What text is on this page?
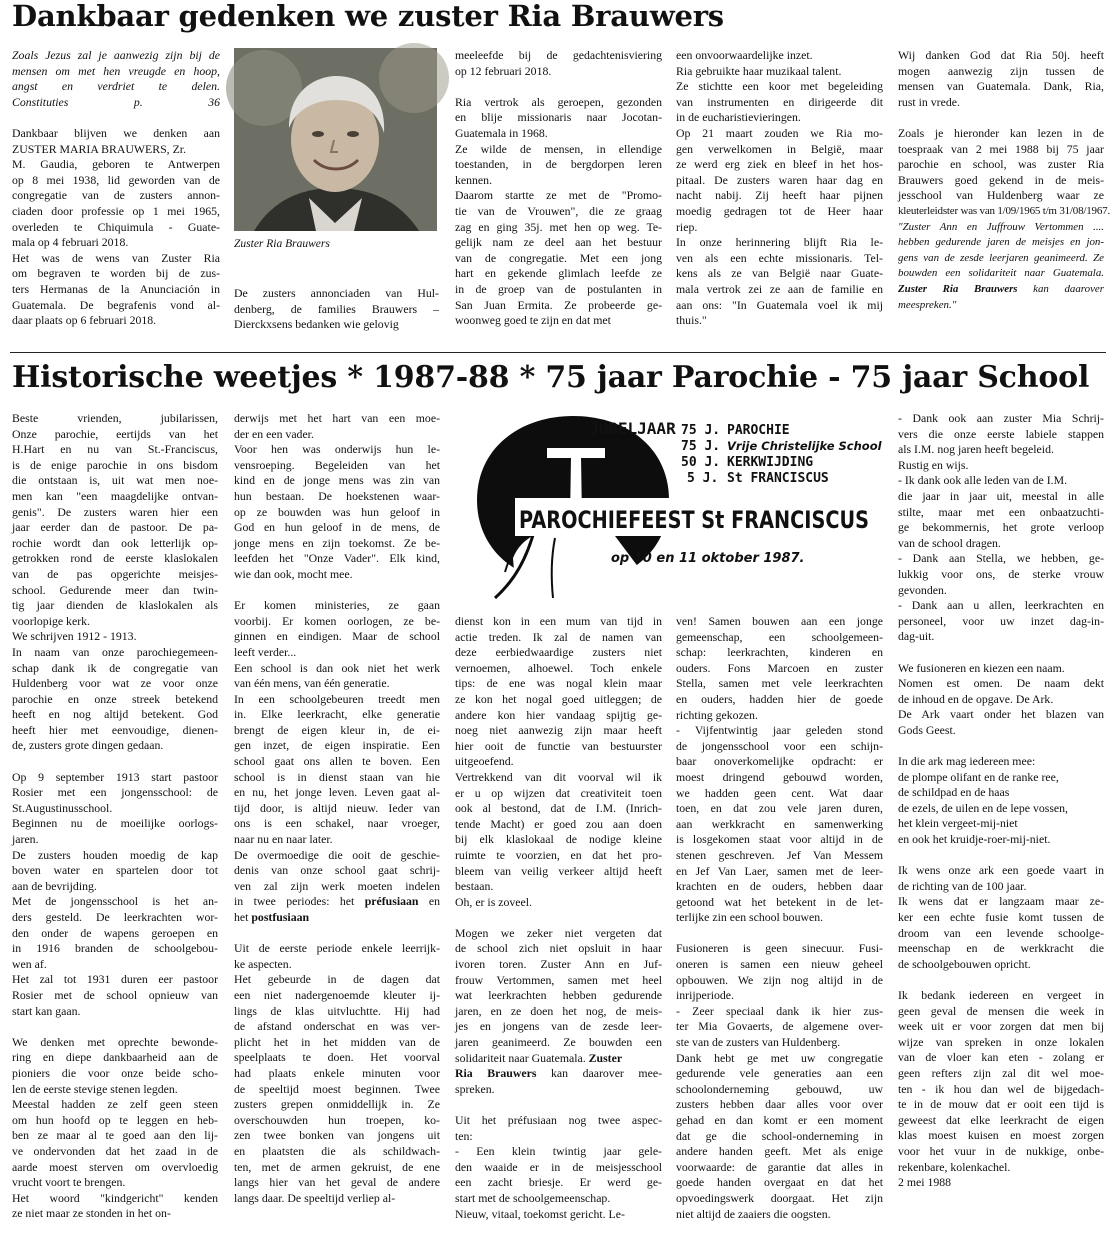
Dankbaar gedenken we zuster Ria Brauwers

Zoals Jezus zal je aanwezig zijn bij de

mensen om met hen vreugde en hoop,

angst en verdriet te delen.

Constituties p. 36

Dankbaar blijven we denken aan

ZUSTER MARIA BRAUWERS, Zr.

M. Gaudia, geboren te Antwerpen

op 8 mei 1938, lid geworden van de

congregatie van de zusters annon-

ciaden door professie op 1 mei 1965,

overleden te Chiquimula - Guate-

mala op 4 februari 2018.

Het was de wens van Zuster Ria

om begraven te worden bij de zus-

ters Hermanas de la Anunciación in

Guatemala. De begrafenis vond al-

daar plaats op 6 februari 2018.

Zuster Ria Brauwers

De zusters annonciaden van Hul-

denberg, de families Brauwers –

Dierckxsens bedanken wie gelovig

meeleefde bij de gedachtenisviering

op 12 februari 2018.

Ria vertrok als geroepen, gezonden

en blije missionaris naar Jocotan-

Guatemala in 1968.

Ze wilde de mensen, in ellendige

toestanden, in de bergdorpen leren

kennen.

Daarom startte ze met de "Promo-

tie van de Vrouwen", die ze graag

zag en ging 35j. met hen op weg. Te-

gelijk nam ze deel aan het bestuur

van de congregatie. Met een jong

hart en gekende glimlach leefde ze

in de groep van de postulanten in

San Juan Ermita. Ze probeerde ge-

woonweg goed te zijn en dat met

een onvoorwaardelijke inzet.

Ria gebruikte haar muzikaal talent.

Ze stichtte een koor met begeleiding

van instrumenten en dirigeerde dit

in de eucharistievieringen.

Op 21 maart zouden we Ria mo-

gen verwelkomen in België, maar

ze werd erg ziek en bleef in het hos-

pitaal. De zusters waren haar dag en

nacht nabij. Zij heeft haar pijnen

moedig gedragen tot de Heer haar

riep.

In onze herinnering blijft Ria le-

ven als een echte missionaris. Tel-

kens als ze van België naar Guate-

mala vertrok zei ze aan de familie en

aan ons: "In Guatemala voel ik mij

thuis."

Wij danken God dat Ria 50j. heeft

mogen aanwezig zijn tussen de

mensen van Guatemala. Dank, Ria,

rust in vrede.

Zoals je hieronder kan lezen in de

toespraak van 2 mei 1988 bij 75 jaar

parochie en school, was zuster Ria

Brauwers goed gekend in de meis-

jesschool van Huldenberg waar ze

kleuterleidster was van 1/09/1965 t/m 31/08/1967.

"Zuster Ann en Juffrouw Vertommen ....

hebben gedurende jaren de meisjes en jon-

gens van de zesde leerjaren geanimeerd. Ze

bouwden een solidariteit naar Guatemala.

Zuster Ria Brauwers kan daarover

meespreken."

Historische weetjes * 1987-88 * 75 jaar Parochie - 75 jaar School

Beste vrienden, jubilarissen,

Onze parochie, eertijds van het

H.Hart en nu van St.-Franciscus,

is de enige parochie in ons bisdom

die ontstaan is, uit wat men noe-

men kan "een maagdelijke ontvan-

genis". De zusters waren hier een

jaar eerder dan de pastoor. De pa-

rochie wordt dan ook letterlijk op-

getrokken rond de eerste klaslokalen

van de pas opgerichte meisjes-

school. Gedurende meer dan twin-

tig jaar dienden de klaslokalen als

voorlopige kerk.

We schrijven 1912 - 1913.

In naam van onze parochiegemeen-

schap dank ik de congregatie van

Huldenberg voor wat ze voor onze

parochie en onze streek betekend

heeft en nog altijd betekent. God

heeft hier met eenvoudige, dienen-

de, zusters grote dingen gedaan.

Op 9 september 1913 start pastoor

Rosier met een jongensschool: de

St.Augustinusschool.

Beginnen nu de moeilijke oorlogs-

jaren.

De zusters houden moedig de kap

boven water en spartelen door tot

aan de bevrijding.

Met de jongensschool is het an-

ders gesteld. De leerkrachten wor-

den onder de wapens geroepen en

in 1916 branden de schoolgebou-

wen af.

Het zal tot 1931 duren eer pastoor

Rosier met de school opnieuw van

start kan gaan.

We denken met oprechte bewonde-

ring en diepe dankbaarheid aan de

pioniers die voor onze beide scho-

len de eerste stevige stenen legden.

Meestal hadden ze zelf geen steen

om hun hoofd op te leggen en heb-

ben ze maar al te goed aan den lij-

ve ondervonden dat het zaad in de

aarde moest sterven om overvloedig

vrucht voort te brengen.

Het woord "kindgericht" kenden

ze niet maar ze stonden in het on-

derwijs met het hart van een moe-

der en een vader.

Voor hen was onderwijs hun le-

vensroeping. Begeleiden van het

kind en de jonge mens was zin van

hun bestaan. De hoekstenen waar-

op ze bouwden was hun geloof in

God en hun geloof in de mens, de

jonge mens en zijn toekomst. Ze be-

leefden het "Onze Vader". Elk kind,

wie dan ook, mocht mee.

Er komen ministeries, ze gaan

voorbij. Er komen oorlogen, ze be-

ginnen en eindigen. Maar de school

leeft verder...

Een school is dan ook niet het werk

van één mens, van één generatie.

In een schoolgebeuren treedt men

in. Elke leerkracht, elke generatie

brengt de eigen kleur in, de ei-

gen inzet, de eigen inspiratie. Een

school gaat ons allen te boven. Een

school is in dienst staan van hie

en nu, het jonge leven. Leven gaat al-

tijd door, is altijd nieuw. Ieder van

ons is een schakel, naar vroeger,

naar nu en naar later.

De overmoedige die ooit de geschie-

denis van onze school gaat schrij-

ven zal zijn werk moeten indelen

in twee periodes: het préfusiaan en

het postfusiaan

Uit de eerste periode enkele leerrijk-

ke aspecten.

Het gebeurde in de dagen dat

een niet nadergenoemde kleuter ij-

lings de klas uitvluchtte. Hij had

de afstand onderschat en was ver-

plicht het in het midden van de

speelplaats te doen. Het voorval

had plaats enkele minuten voor

de speeltijd moest beginnen. Twee

zusters grepen onmiddellijk in. Ze

overschouwden hun troepen, ko-

zen twee bonken van jongens uit

en plaatsten die als schildwach-

ten, met de armen gekruist, de ene

langs hier van het geval de andere

langs daar. De speeltijd verliep al-

JUBELJAAR 75 J. PAROCHIE
75 J. Vrije Christelijke School
50 J. KERKWIJDING
5 J. St FRANCISCUS
PAROCHIEFEEST St FRANCISCUS
op 10 en 11 oktober 1987.

dienst kon in een mum van tijd in

actie treden. Ik zal de namen van

deze eerbiedwaardige zusters niet

vernoemen, alhoewel. Toch enkele

tips: de ene was nogal klein maar

ze kon het nogal goed uitleggen; de

andere kon hier vandaag spijtig ge-

noeg niet aanwezig zijn maar heeft

hier ooit de functie van bestuurster

uitgeoefend.

Vertrekkend van dit voorval wil ik

er u op wijzen dat creativiteit toen

ook al bestond, dat de I.M. (Inrich-

tende Macht) er goed zou aan doen

bij elk klaslokaal de nodige kleine

ruimte te voorzien, en dat het pro-

bleem van veilig verkeer altijd heeft

bestaan.

Oh, er is zoveel.

Mogen we zeker niet vergeten dat

de school zich niet opsluit in haar

ivoren toren. Zuster Ann en Juf-

frouw Vertommen, samen met heel

wat leerkrachten hebben gedurende

jaren, en ze doen het nog, de meis-

jes en jongens van de zesde leer-

jaren geanimeerd. Ze bouwden een

solidariteit naar Guatemala. Zuster

Ria Brauwers kan daarover mee-

spreken.

Uit het préfusiaan nog twee aspec-

ten:

- Een klein twintig jaar gele-

den waaide er in de meisjesschool

een zacht briesje. Er werd ge-

start met de schoolgemeenschap.

Nieuw, vitaal, toekomst gericht. Le-

ven! Samen bouwen aan een jonge

gemeenschap, een schoolgemeen-

schap: leerkrachten, kinderen en

ouders. Fons Marcoen en zuster

Stella, samen met vele leerkrachten

en ouders, hadden hier de goede

richting gekozen.

- Vijfentwintig jaar geleden stond

de jongensschool voor een schijn-

baar onoverkomelijke opdracht: er

moest dringend gebouwd worden,

we hadden geen cent. Wat daar

toen, en dat zou vele jaren duren,

aan werkkracht en samenwerking

is losgekomen staat voor altijd in de

stenen geschreven. Jef Van Messem

en Jef Van Laer, samen met de leer-

krachten en de ouders, hebben daar

getoond wat het betekent in de let-

terlijke zin een school bouwen.

Fusioneren is geen sinecuur. Fusi-

oneren is samen een nieuw geheel

opbouwen. We zijn nog altijd in de

inrijperiode.

- Zeer speciaal dank ik hier zus-

ter Mia Govaerts, de algemene over-

ste van de zusters van Huldenberg.

Dank hebt ge met uw congregatie

gedurende vele generaties aan een

schoolonderneming gebouwd, uw

zusters hebben daar alles voor over

gehad en dan komt er een moment

dat ge die school-onderneming in

andere handen geeft. Met als enige

voorwaarde: de garantie dat alles in

goede handen overgaat en dat het

opvoedingswerk doorgaat. Het zijn

niet altijd de zaaiers die oogsten.

- Dank ook aan zuster Mia Schrij-

vers die onze eerste labiele stappen

als I.M. nog jaren heeft begeleid.

Rustig en wijs.

- Ik dank ook alle leden van de I.M.

die jaar in jaar uit, meestal in alle

stilte, maar met een onbaatzuchti-

ge bekommernis, het grote verloop

van de school dragen.

- Dank aan Stella, we hebben, ge-

lukkig voor ons, de sterke vrouw

gevonden.

- Dank aan u allen, leerkrachten en

personeel, voor uw inzet dag-in-

dag-uit.

We fusioneren en kiezen een naam.

Nomen est omen. De naam dekt

de inhoud en de opgave. De Ark.

De Ark vaart onder het blazen van

Gods Geest.

In die ark mag iedereen mee:

de plompe olifant en de ranke ree,

de schildpad en de haas

de ezels, de uilen en de lepe vossen,

het klein vergeet-mij-niet

en ook het kruidje-roer-mij-niet.

Ik wens onze ark een goede vaart in

de richting van de 100 jaar.

Ik wens dat er langzaam maar ze-

ker een echte fusie komt tussen de

droom van een levende schoolge-

meenschap en de werkkracht die

de schoolgebouwen opricht.

Ik bedank iedereen en vergeet in

geen geval de mensen die week in

week uit er voor zorgen dat men bij

wijze van spreken in onze lokalen

van de vloer kan eten - zolang er

geen refters zijn zal dit wel moe-

ten - ik hou dan wel de bijgedach-

te in de mouw dat er ooit een tijd is

geweest dat elke leerkracht de eigen

klas moest kuisen en moest zorgen

voor het vuur in de nukkige, onbe-

rekenbare, kolenkachel.

2 mei 1988
